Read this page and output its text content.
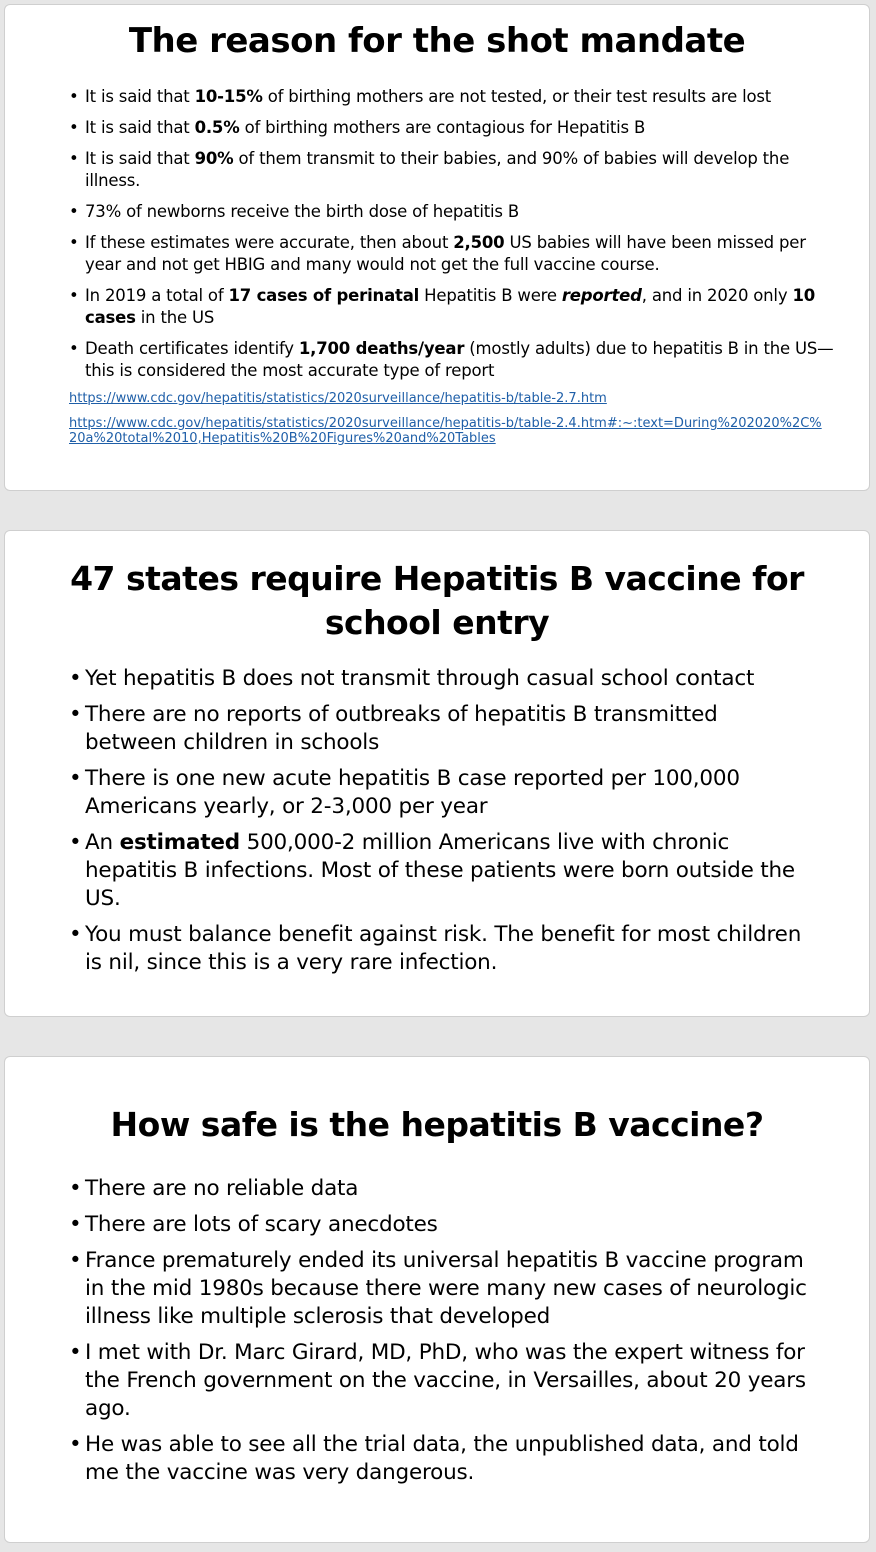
The reason for the shot mandate
• It is said that 10-15% of birthing mothers are not tested, or their test results are lost
• It is said that 0.5% of birthing mothers are contagious for Hepatitis B
• It is said that 90% of them transmit to their babies, and 90% of babies will develop the illness.
• 73% of newborns receive the birth dose of hepatitis B
• If these estimates were accurate, then about 2,500 US babies will have been missed per year and not get HBIG and many would not get the full vaccine course.
• In 2019 a total of 17 cases of perinatal Hepatitis B were reported, and in 2020 only 10 cases in the US
• Death certificates identify 1,700 deaths/year (mostly adults) due to hepatitis B in the US—this is considered the most accurate type of report
https://www.cdc.gov/hepatitis/statistics/2020surveillance/hepatitis-b/table-2.7.htm
https://www.cdc.gov/hepatitis/statistics/2020surveillance/hepatitis-b/table-2.4.htm#:~:text=During%202020%2C%20a%20total%2010,Hepatitis%20B%20Figures%20and%20Tables
47 states require Hepatitis B vaccine for school entry
• Yet hepatitis B does not transmit through casual school contact
• There are no reports of outbreaks of hepatitis B transmitted between children in schools
• There is one new acute hepatitis B case reported per 100,000 Americans yearly, or 2-3,000 per year
• An estimated 500,000-2 million Americans live with chronic hepatitis B infections. Most of these patients were born outside the US.
• You must balance benefit against risk. The benefit for most children is nil, since this is a very rare infection.
How safe is the hepatitis B vaccine?
• There are no reliable data
• There are lots of scary anecdotes
• France prematurely ended its universal hepatitis B vaccine program in the mid 1980s because there were many new cases of neurologic illness like multiple sclerosis that developed
• I met with Dr. Marc Girard, MD, PhD, who was the expert witness for the French government on the vaccine, in Versailles, about 20 years ago.
• He was able to see all the trial data, the unpublished data, and told me the vaccine was very dangerous.
